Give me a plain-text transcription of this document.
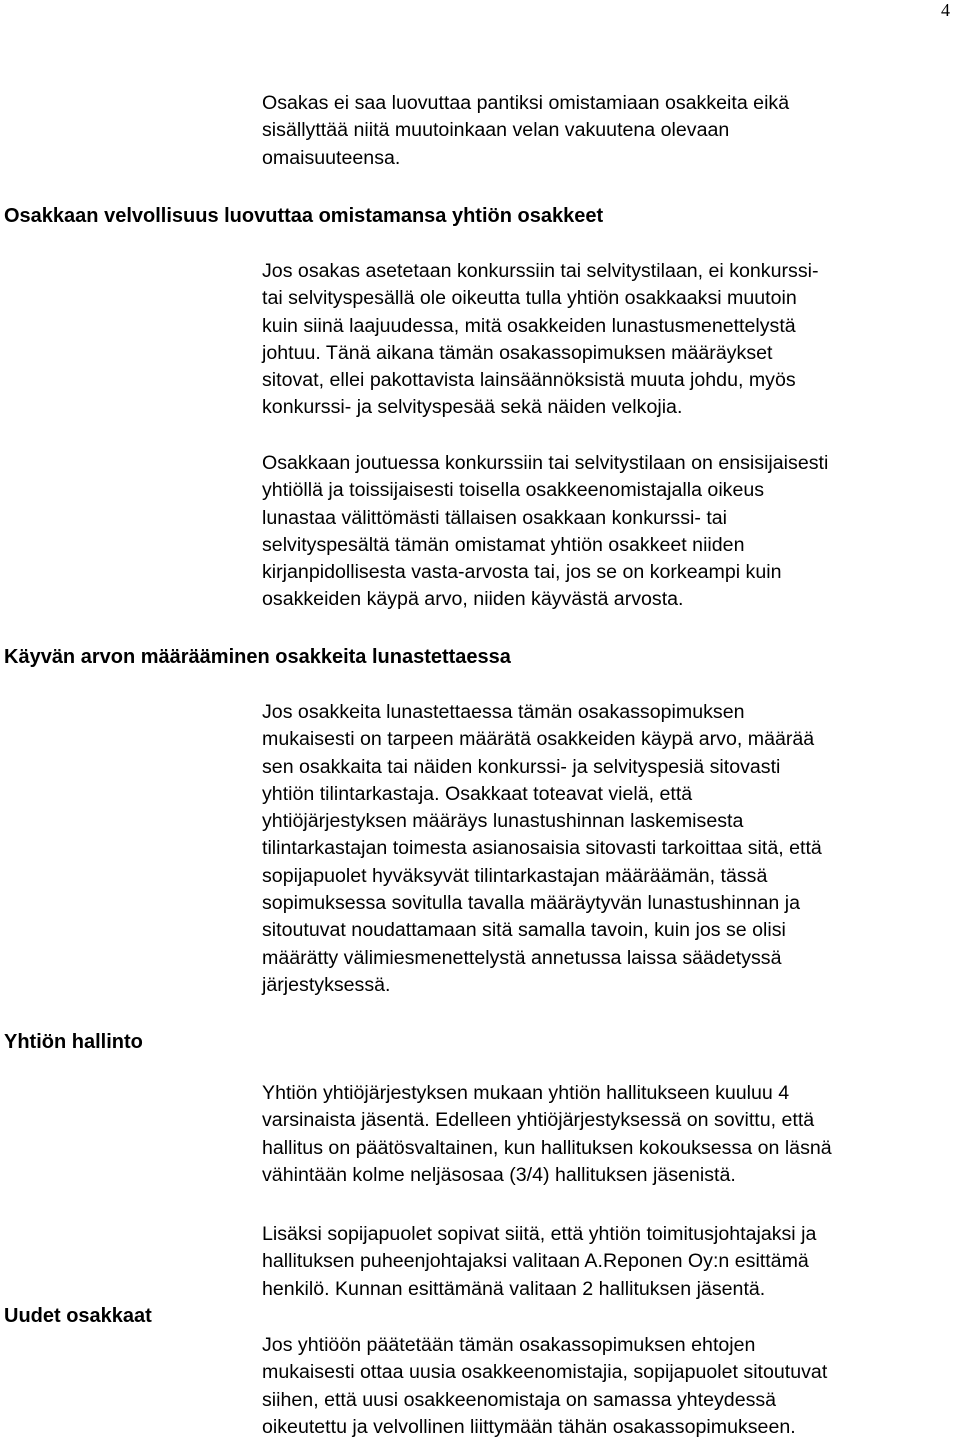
4

Osakas ei saa luovuttaa pantiksi omistamiaan osakkeita eikä
sisällyttää niitä muutoinkaan velan vakuutena olevaan
omaisuuteensa.

Osakkaan velvollisuus luovuttaa omistamansa yhtiön osakkeet

Jos osakas asetetaan konkurssiin tai selvitystilaan, ei konkurssi-
tai selvityspesällä ole oikeutta tulla yhtiön osakkaaksi muutoin
kuin siinä laajuudessa, mitä osakkeiden lunastusmenettelystä
johtuu. Tänä aikana tämän osakassopimuksen määräykset
sitovat, ellei pakottavista lainsäännöksistä muuta johdu, myös
konkurssi- ja selvityspesää sekä näiden velkojia.

Osakkaan joutuessa konkurssiin tai selvitystilaan on ensisijaisesti
yhtiöllä ja toissijaisesti toisella osakkeenomistajalla oikeus
lunastaa välittömästi tällaisen osakkaan konkurssi- tai
selvityspesältä tämän omistamat yhtiön osakkeet niiden
kirjanpidollisesta vasta-arvosta tai, jos se on korkeampi kuin
osakkeiden käypä arvo, niiden käyvästä arvosta.

Käyvän arvon määrääminen osakkeita lunastettaessa

Jos osakkeita lunastettaessa tämän osakassopimuksen
mukaisesti on tarpeen määrätä osakkeiden käypä arvo, määrää
sen osakkaita tai näiden konkurssi- ja selvityspesiä sitovasti
yhtiön tilintarkastaja. Osakkaat toteavat vielä, että
yhtiöjärjestyksen määräys lunastushinnan laskemisesta
tilintarkastajan toimesta asianosaisia sitovasti tarkoittaa sitä, että
sopijapuolet hyväksyvät tilintarkastajan määräämän, tässä
sopimuksessa sovitulla tavalla määräytyvän lunastushinnan ja
sitoutuvat noudattamaan sitä samalla tavoin, kuin jos se olisi
määrätty välimiesmenettelystä annetussa laissa säädetyssä
järjestyksessä.

Yhtiön hallinto

Yhtiön yhtiöjärjestyksen mukaan yhtiön hallitukseen kuuluu 4
varsinaista jäsentä. Edelleen yhtiöjärjestyksessä on sovittu, että
hallitus on päätösvaltainen, kun hallituksen kokouksessa on läsnä
vähintään kolme neljäsosaa (3/4) hallituksen jäsenistä.

Lisäksi sopijapuolet sopivat siitä, että yhtiön toimitusjohtajaksi ja
hallituksen puheenjohtajaksi valitaan A.Reponen Oy:n esittämä
henkilö. Kunnan esittämänä valitaan 2 hallituksen jäsentä.

Uudet osakkaat

Jos yhtiöön päätetään tämän osakassopimuksen ehtojen
mukaisesti ottaa uusia osakkeenomistajia, sopijapuolet sitoutuvat
siihen, että uusi osakkeenomistaja on samassa yhteydessä
oikeutettu ja velvollinen liittymään tähän osakassopimukseen.
